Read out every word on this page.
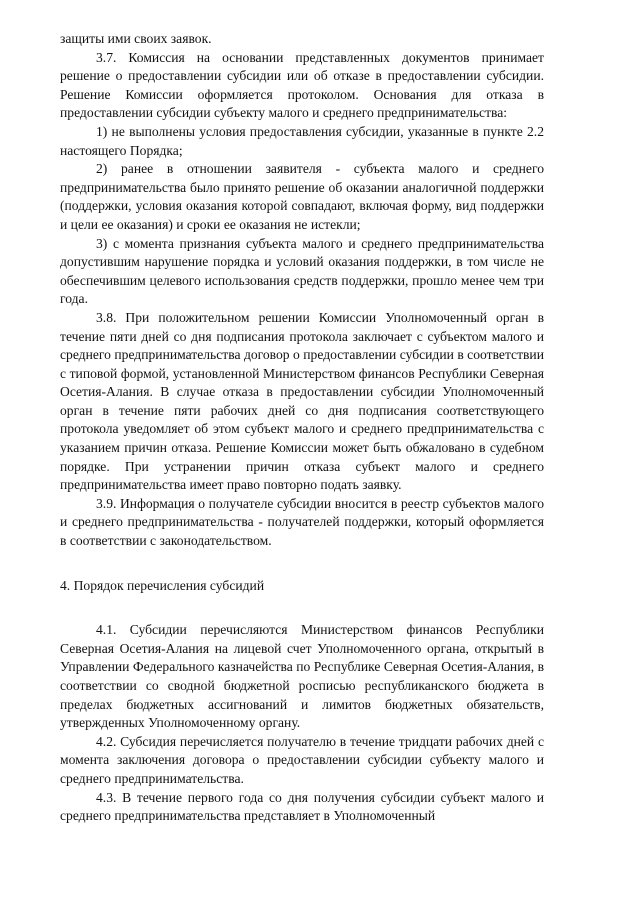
защиты ими своих заявок.

3.7. Комиссия на основании представленных документов принимает решение о предоставлении субсидии или об отказе в предоставлении субсидии. Решение Комиссии оформляется протоколом. Основания для отказа в предоставлении субсидии субъекту малого и среднего предпринимательства:

1) не выполнены условия предоставления субсидии, указанные в пункте 2.2 настоящего Порядка;

2) ранее в отношении заявителя - субъекта малого и среднего предпринимательства было принято решение об оказании аналогичной поддержки (поддержки, условия оказания которой совпадают, включая форму, вид поддержки и цели ее оказания) и сроки ее оказания не истекли;

3) с момента признания субъекта малого и среднего предпринимательства допустившим нарушение порядка и условий оказания поддержки, в том числе не обеспечившим целевого использования средств поддержки, прошло менее чем три года.

3.8. При положительном решении Комиссии Уполномоченный орган в течение пяти дней со дня подписания протокола заключает с субъектом малого и среднего предпринимательства договор о предоставлении субсидии в соответствии с типовой формой, установленной Министерством финансов Республики Северная Осетия-Алания. В случае отказа в предоставлении субсидии Уполномоченный орган в течение пяти рабочих дней со дня подписания соответствующего протокола уведомляет об этом субъект малого и среднего предпринимательства с указанием причин отказа. Решение Комиссии может быть обжаловано в судебном порядке. При устранении причин отказа субъект малого и среднего предпринимательства имеет право повторно подать заявку.

3.9. Информация о получателе субсидии вносится в реестр субъектов малого и среднего предпринимательства - получателей поддержки, который оформляется в соответствии с законодательством.

4. Порядок перечисления субсидий

4.1. Субсидии перечисляются Министерством финансов Республики Северная Осетия-Алания на лицевой счет Уполномоченного органа, открытый в Управлении Федерального казначейства по Республике Северная Осетия-Алания, в соответствии со сводной бюджетной росписью республиканского бюджета в пределах бюджетных ассигнований и лимитов бюджетных обязательств, утвержденных Уполномоченному органу.

4.2. Субсидия перечисляется получателю в течение тридцати рабочих дней с момента заключения договора о предоставлении субсидии субъекту малого и среднего предпринимательства.

4.3. В течение первого года со дня получения субсидии субъект малого и среднего предпринимательства представляет в Уполномоченный
